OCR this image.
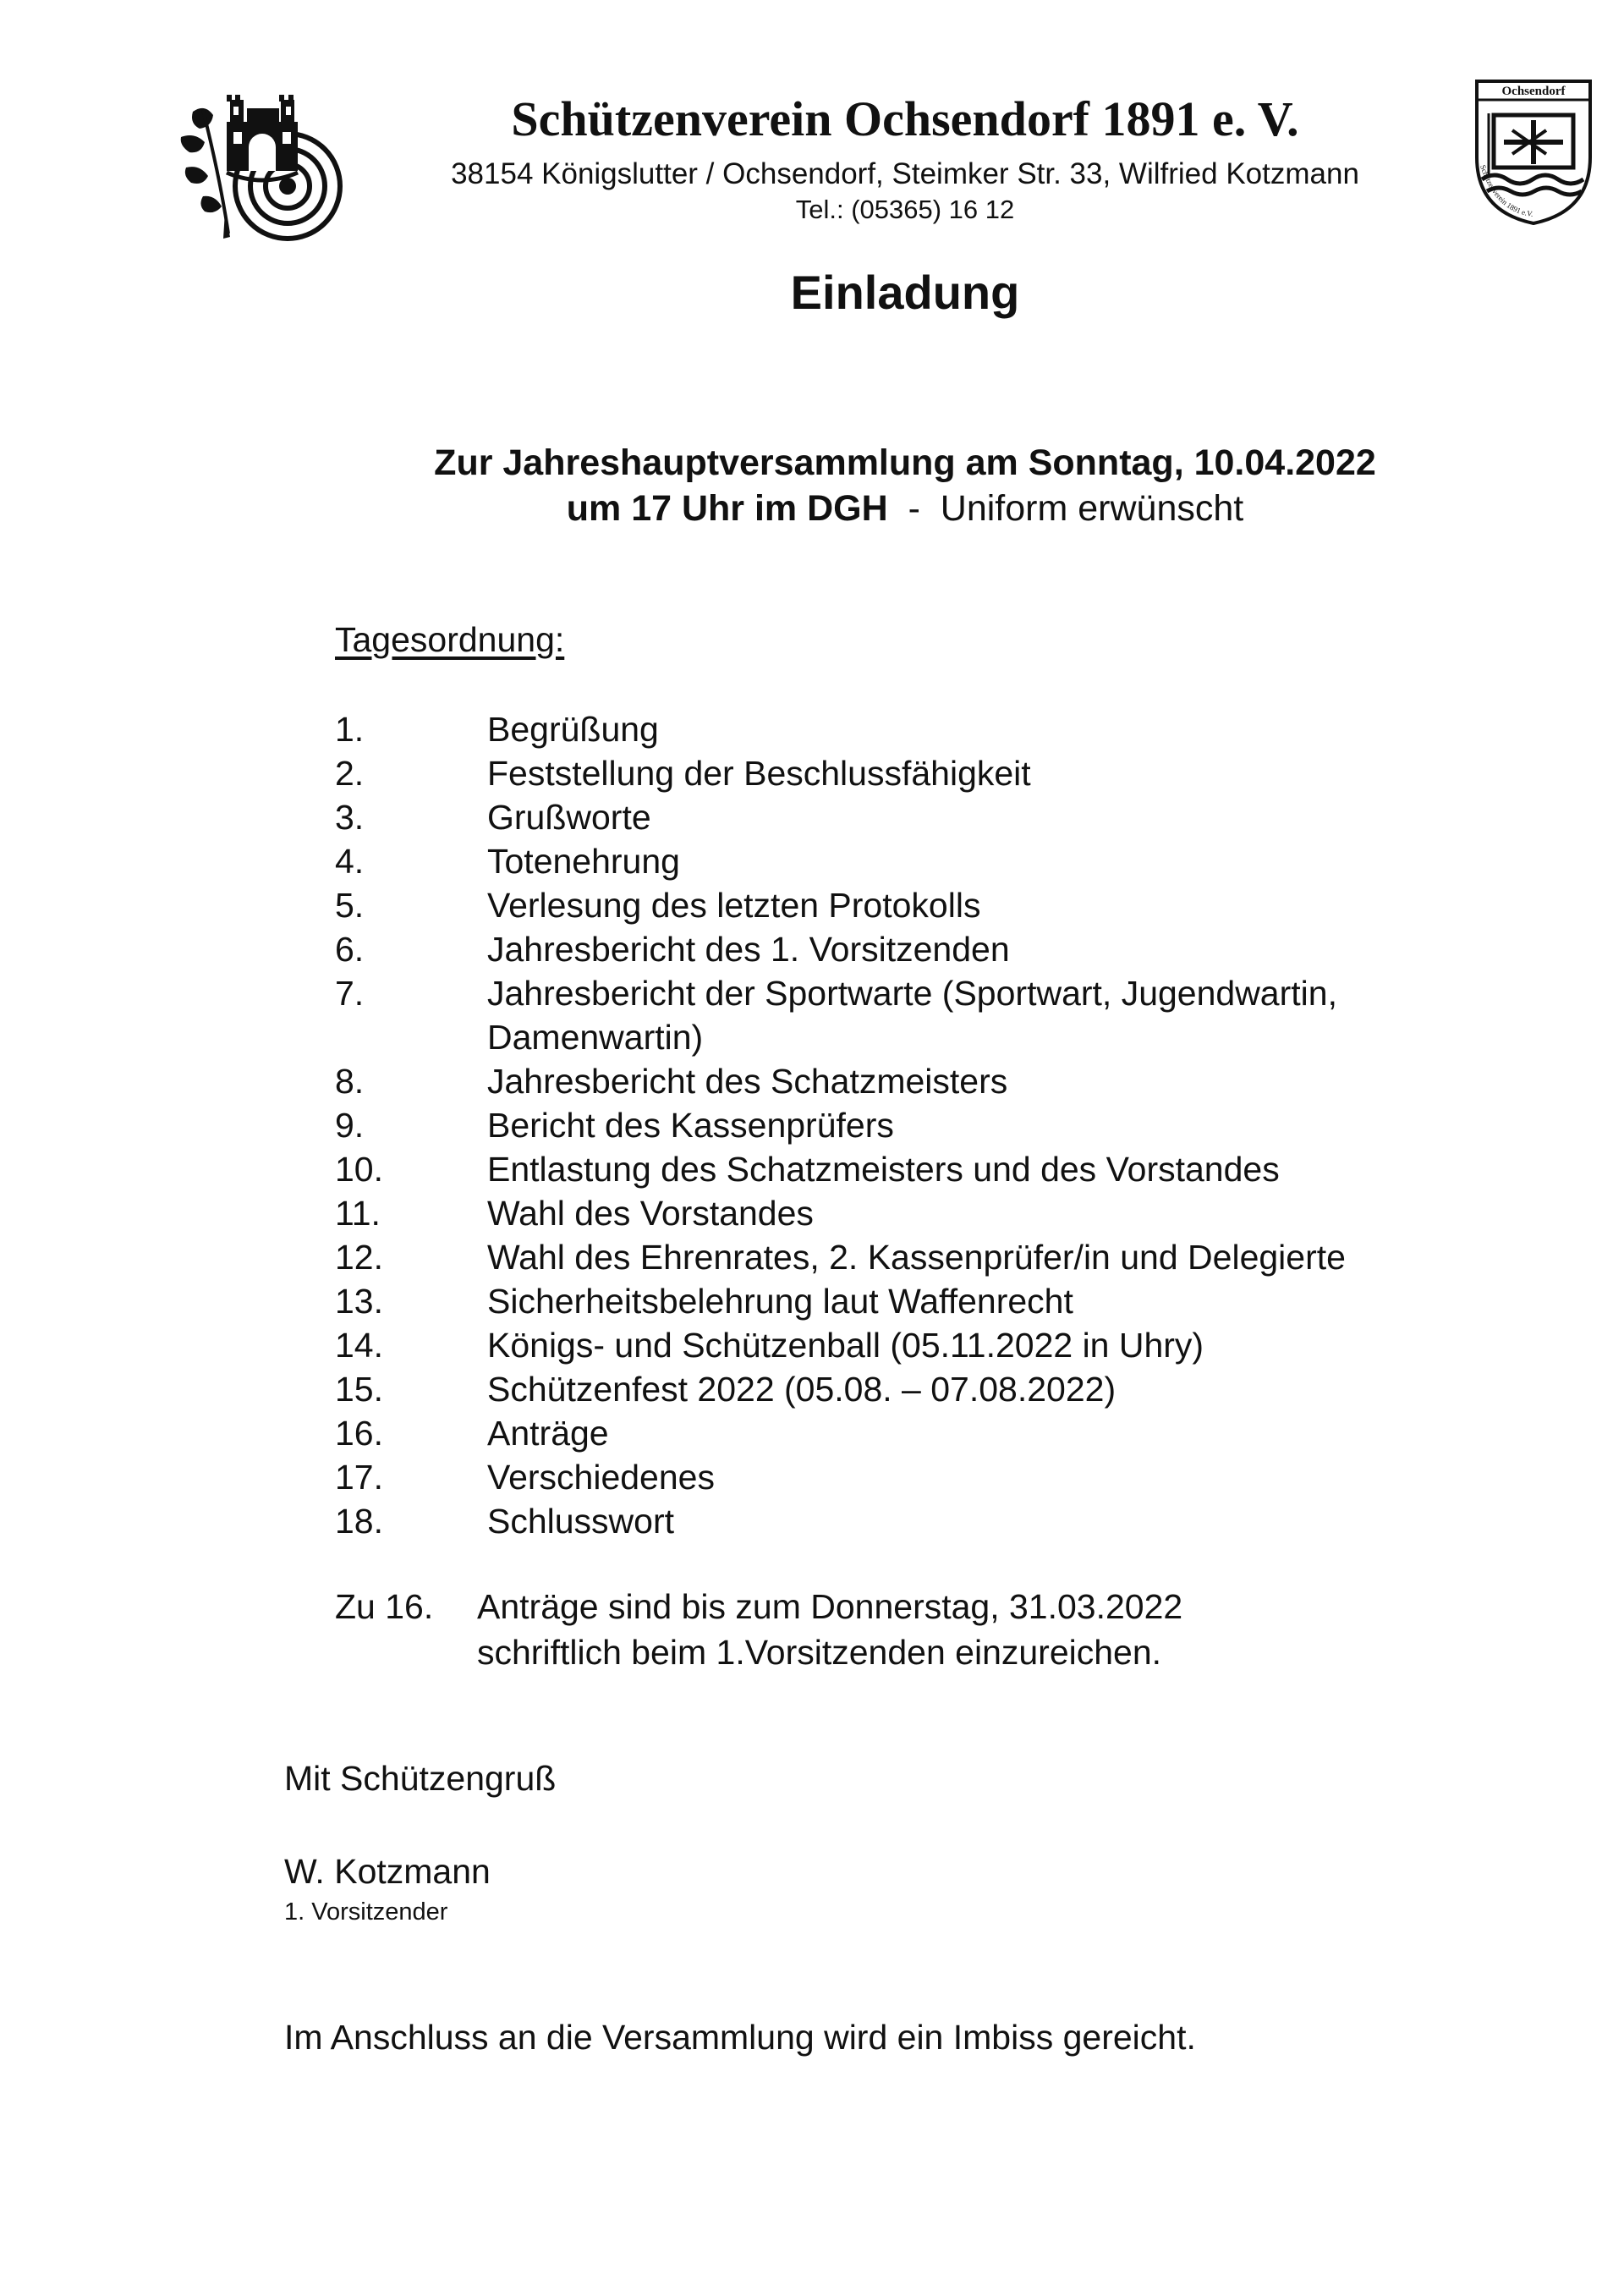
Ochsendorf
Schützenverein 1891 e.V.
Schützenverein Ochsendorf 1891 e. V.
38154 Königslutter / Ochsendorf, Steimker Str. 33, Wilfried Kotzmann
Tel.: (05365) 16 12
Einladung
Zur Jahreshauptversammlung am Sonntag, 10.04.2022
um 17 Uhr im DGH  -  Uniform erwünscht
Tagesordnung:
1.	Begrüßung
2.	Feststellung der Beschlussfähigkeit
3.	Grußworte
4.	Totenehrung
5.	Verlesung des letzten Protokolls
6.	Jahresbericht des 1. Vorsitzenden
7.	Jahresbericht der Sportwarte (Sportwart, Jugendwartin, Damenwartin)
8.	Jahresbericht des Schatzmeisters
9.	Bericht des Kassenprüfers
10.	Entlastung des Schatzmeisters und des Vorstandes
11.	Wahl des Vorstandes
12.	Wahl des Ehrenrates, 2. Kassenprüfer/in und Delegierte
13.	Sicherheitsbelehrung laut Waffenrecht
14.	Königs- und Schützenball (05.11.2022 in Uhry)
15.	Schützenfest 2022 (05.08. – 07.08.2022)
16.	Anträge
17.	Verschiedenes
18.	Schlusswort
Zu 16.	Anträge sind bis zum Donnerstag, 31.03.2022
schriftlich beim 1.Vorsitzenden einzureichen.
Mit Schützengruß
W. Kotzmann
1. Vorsitzender
Im Anschluss an die Versammlung wird ein Imbiss gereicht.
